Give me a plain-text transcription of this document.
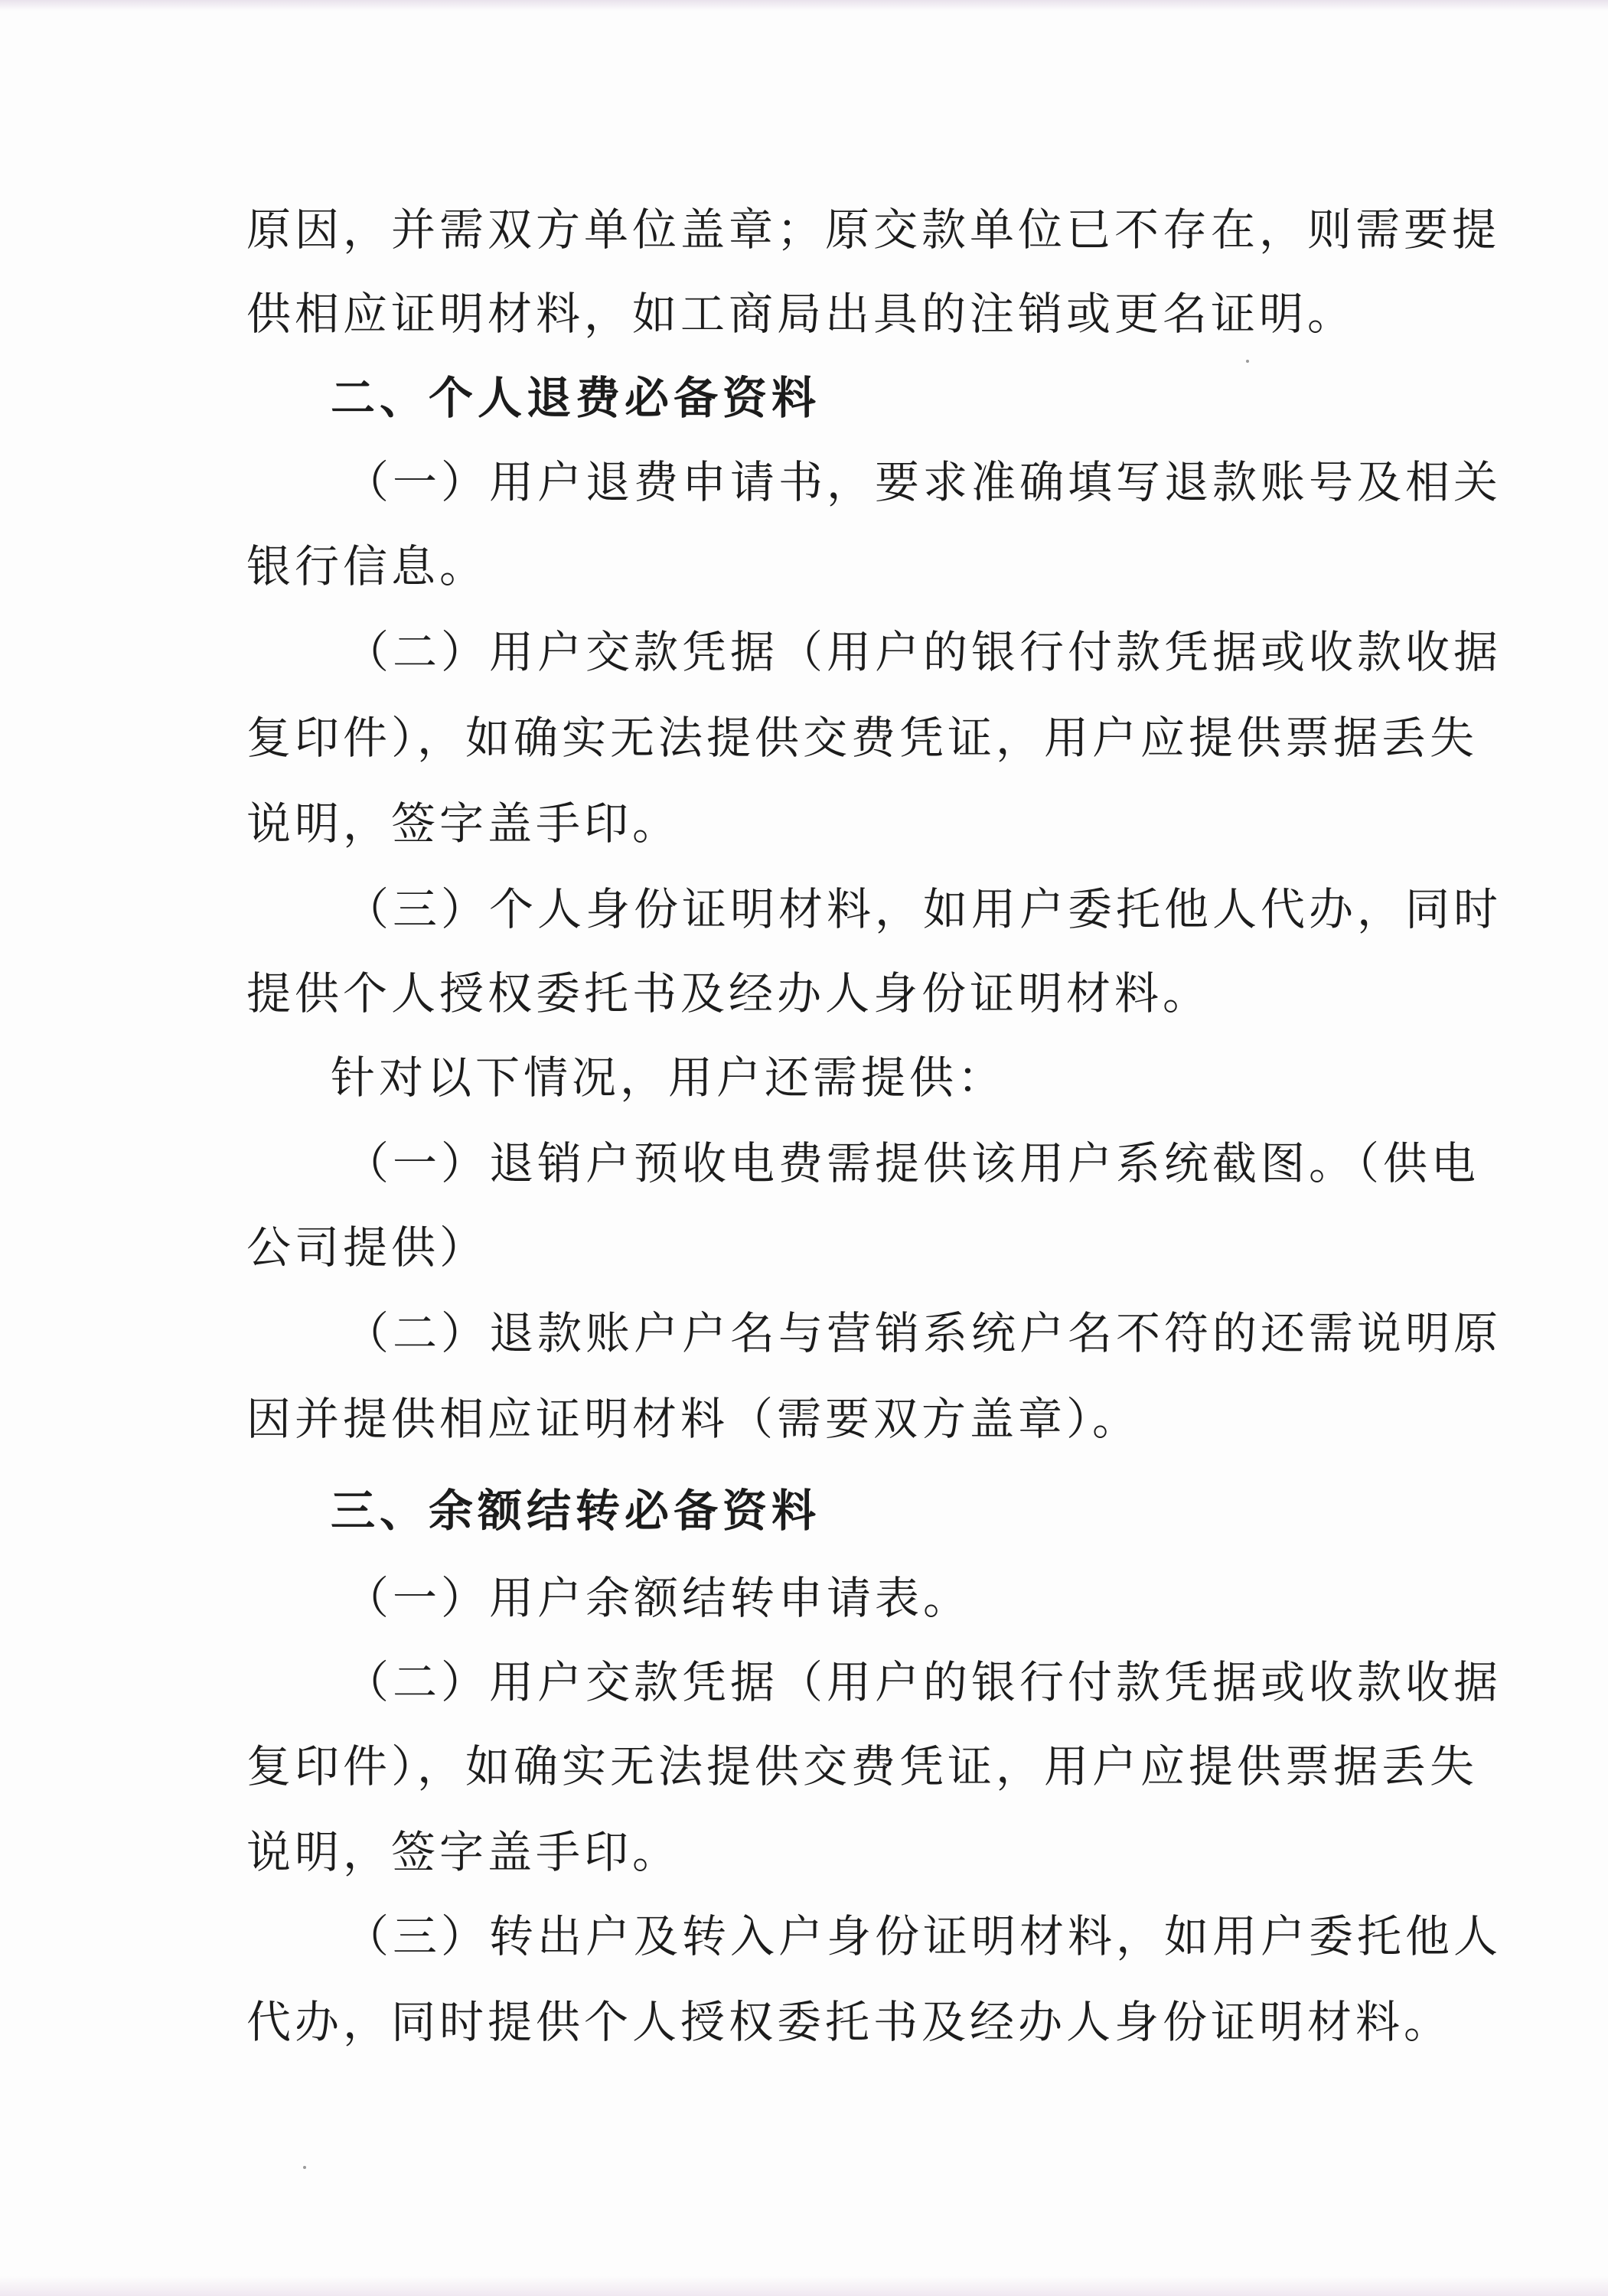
原因，并需双方单位盖章；原交款单位已不存在，则需要提
供相应证明材料，如工商局出具的注销或更名证明。
二、个人退费必备资料
（一）用户退费申请书，要求准确填写退款账号及相关
银行信息。
（二）用户交款凭据（用户的银行付款凭据或收款收据
复印件），如确实无法提供交费凭证，用户应提供票据丢失
说明，签字盖手印。
（三）个人身份证明材料，如用户委托他人代办，同时
提供个人授权委托书及经办人身份证明材料。
针对以下情况，用户还需提供：
（一）退销户预收电费需提供该用户系统截图。（供电
公司提供）
（二）退款账户户名与营销系统户名不符的还需说明原
因并提供相应证明材料（需要双方盖章）。
三、余额结转必备资料
（一）用户余额结转申请表。
（二）用户交款凭据（用户的银行付款凭据或收款收据
复印件），如确实无法提供交费凭证，用户应提供票据丢失
说明，签字盖手印。
（三）转出户及转入户身份证明材料，如用户委托他人
代办，同时提供个人授权委托书及经办人身份证明材料。
